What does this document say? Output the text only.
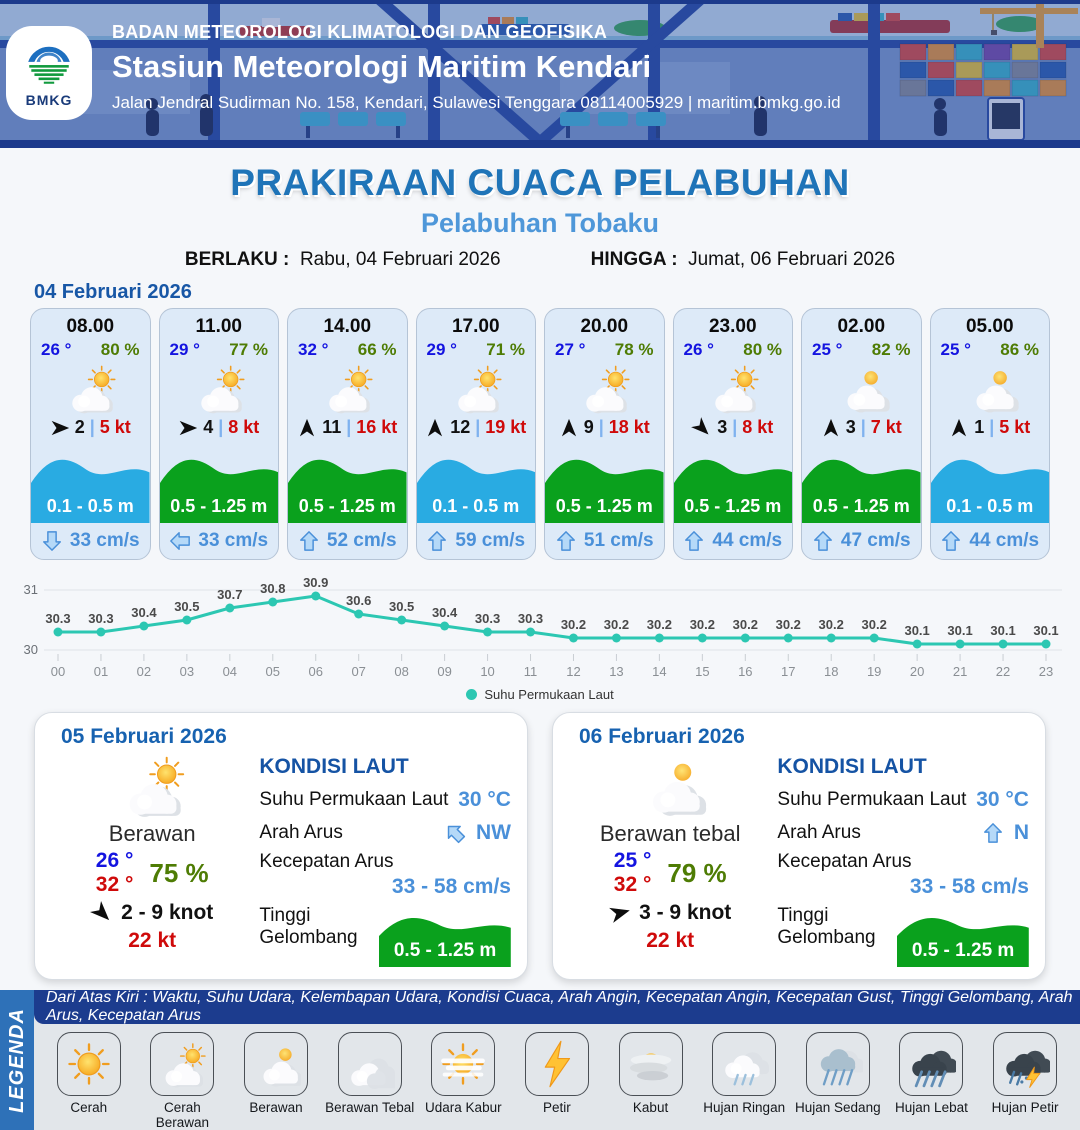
BMKG
BADAN METEOROLOGI KLIMATOLOGI DAN GEOFISIKA
Stasiun Meteorologi Maritim Kendari
Jalan Jendral Sudirman No. 158, Kendari, Sulawesi Tenggara 08114005929 | maritim.bmkg.go.id
PRAKIRAAN CUACA PELABUHAN
Pelabuhan Tobaku
BERLAKU : Rabu, 04 Februari 2026	HINGGA : Jumat, 06 Februari 2026
04 Februari 2026
08.00
26 ° 80 %
2 | 5 kt
0.1 - 0.5 m
33 cm/s
11.00
29 ° 77 %
4 | 8 kt
0.5 - 1.25 m
33 cm/s
14.00
32 ° 66 %
11 | 16 kt
0.5 - 1.25 m
52 cm/s
17.00
29 ° 71 %
12 | 19 kt
0.1 - 0.5 m
59 cm/s
20.00
27 ° 78 %
9 | 18 kt
0.5 - 1.25 m
51 cm/s
23.00
26 ° 80 %
3 | 8 kt
0.5 - 1.25 m
44 cm/s
02.00
25 ° 82 %
3 | 7 kt
0.5 - 1.25 m
47 cm/s
05.00
25 ° 86 %
1 | 5 kt
0.1 - 0.5 m
44 cm/s
31
30
00
30.3
01
30.3
02
30.4
03
30.5
04
30.7
05
30.8
06
30.9
07
30.6
08
30.5
09
30.4
10
30.3
11
30.3
12
30.2
13
30.2
14
30.2
15
30.2
16
30.2
17
30.2
18
30.2
19
30.2
20
30.1
21
30.1
22
30.1
23
30.1
Suhu Permukaan Laut
05 Februari 2026
Berawan
26 °
32 ° 75 %
2 - 9 knot
22 kt
KONDISI LAUT
Suhu Permukaan Laut 30 °C
Arah Arus	NW
Kecepatan Arus
33 - 58 cm/s
Tinggi Gelombang
0.5 - 1.25 m
06 Februari 2026
Berawan tebal
25 °
32 ° 79 %
3 - 9 knot
22 kt
KONDISI LAUT
Suhu Permukaan Laut 30 °C
Arah Arus	N
Kecepatan Arus
33 - 58 cm/s
Tinggi Gelombang
0.5 - 1.25 m
LEGENDA
Dari Atas Kiri : Waktu, Suhu Udara, Kelembapan Udara, Kondisi Cuaca, Arah Angin, Kecepatan Angin, Kecepatan Gust, Tinggi Gelombang, Arah Arus, Kecepatan Arus
Cerah	Cerah Berawan
Berawan Berawan Tebal Udara Kabur	Petir	Kabut	Hujan Ringan Hujan Sedang Hujan Lebat Hujan Petir
